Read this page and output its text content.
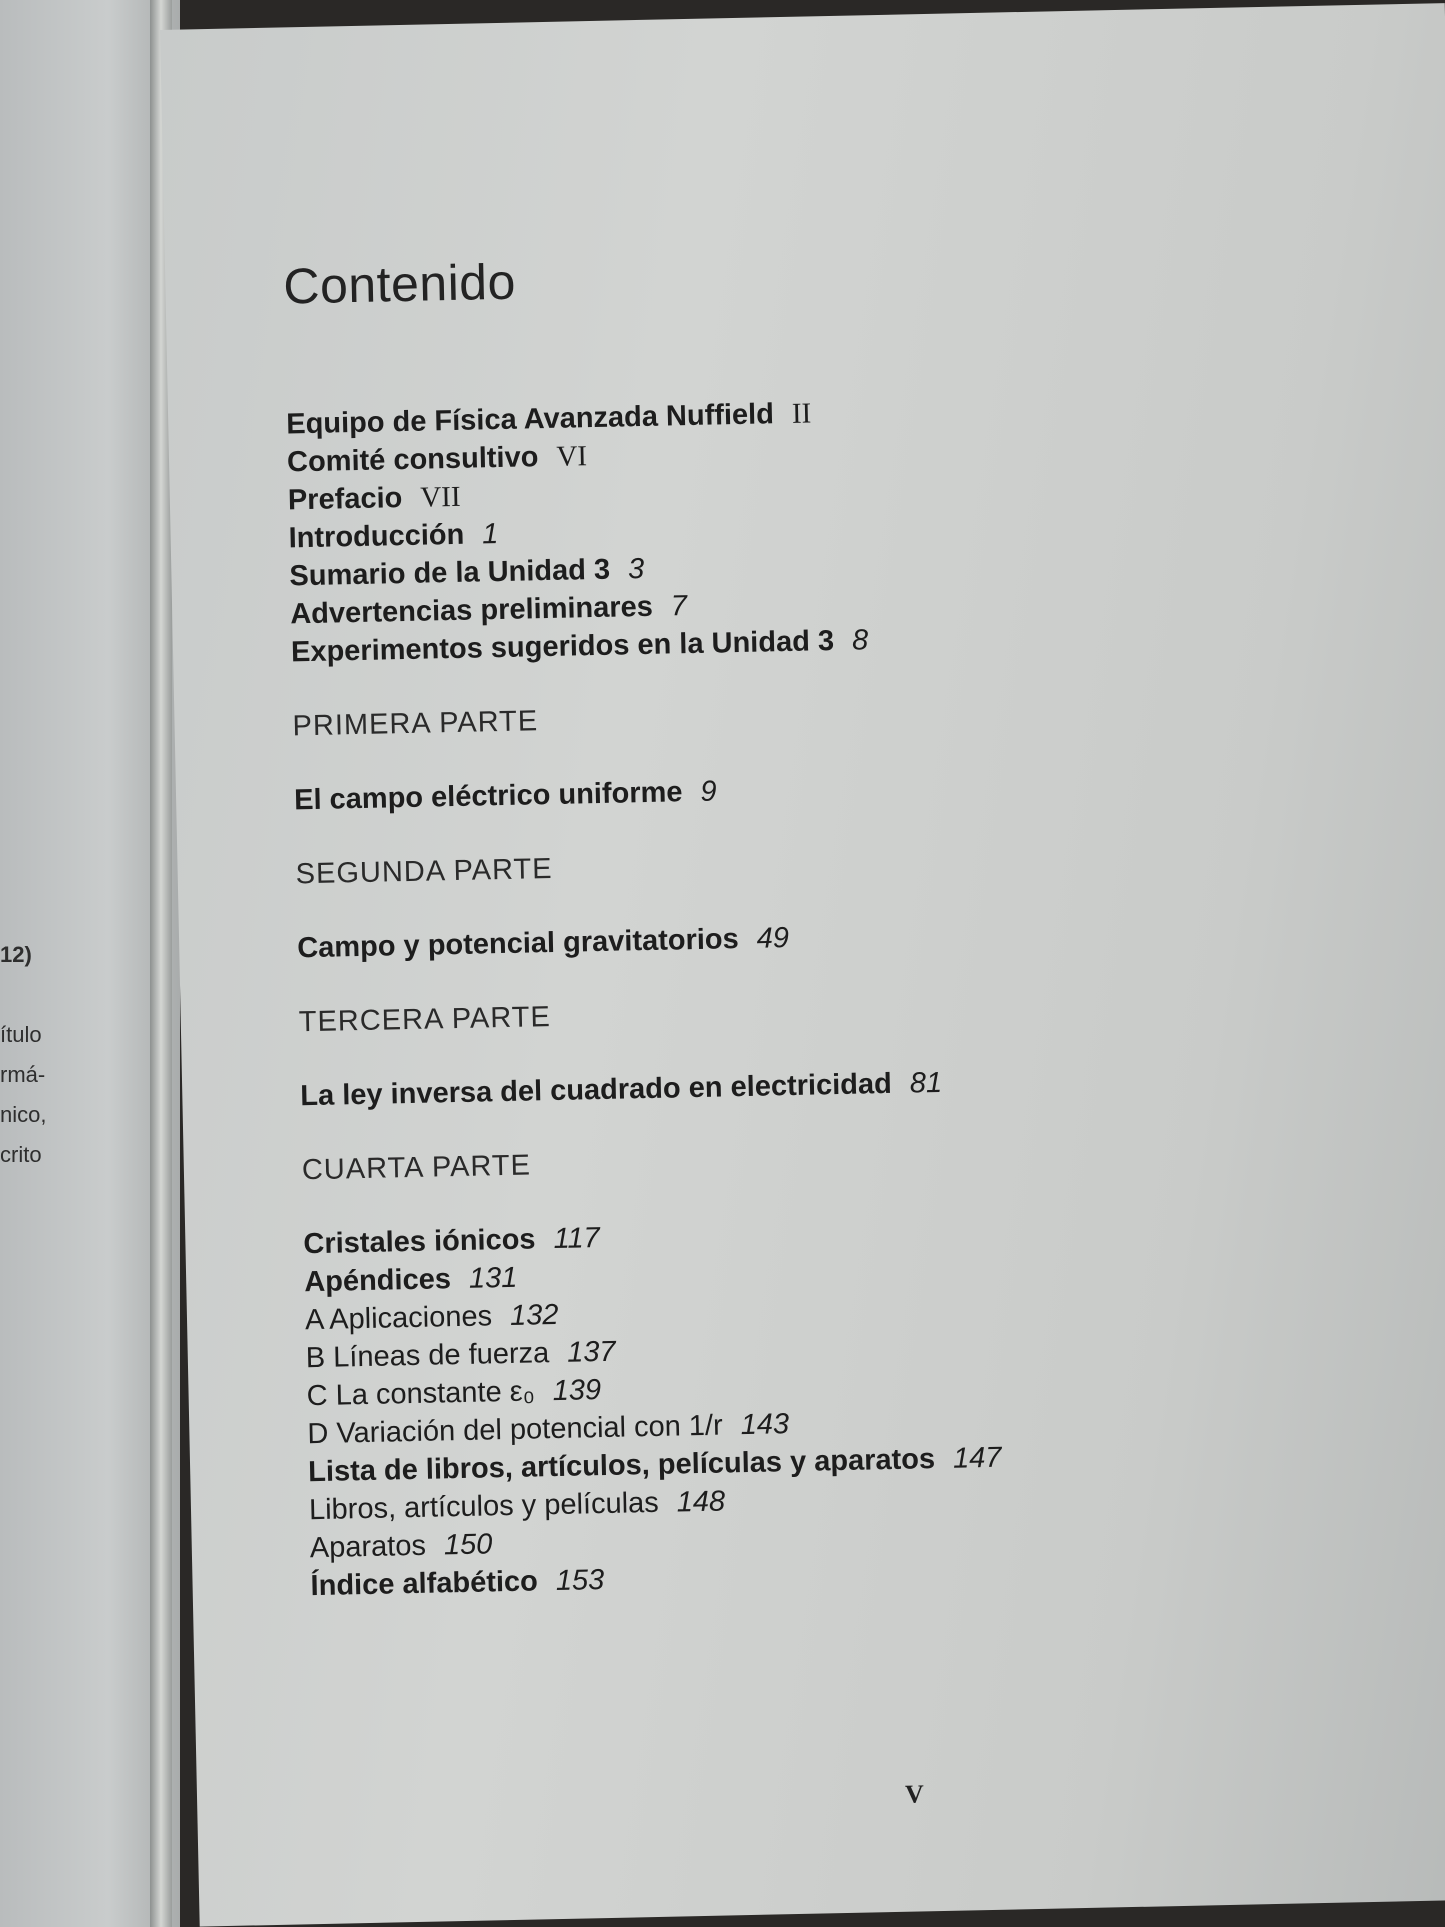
12)
ítulo
rmá-
nico,
crito
Contenido
Equipo de Física Avanzada Nuffield II
Comité consultivo VI
Prefacio VII
Introducción 1
Sumario de la Unidad 3 3
Advertencias preliminares 7
Experimentos sugeridos en la Unidad 3 8
PRIMERA PARTE
El campo eléctrico uniforme 9
SEGUNDA PARTE
Campo y potencial gravitatorios 49
TERCERA PARTE
La ley inversa del cuadrado en electricidad 81
CUARTA PARTE
Cristales iónicos 117
Apéndices 131
A Aplicaciones 132
B Líneas de fuerza 137
C La constante ε₀ 139
D Variación del potencial con 1/r 143
Lista de libros, artículos, películas y aparatos 147
Libros, artículos y películas 148
Aparatos 150
Índice alfabético 153
V
